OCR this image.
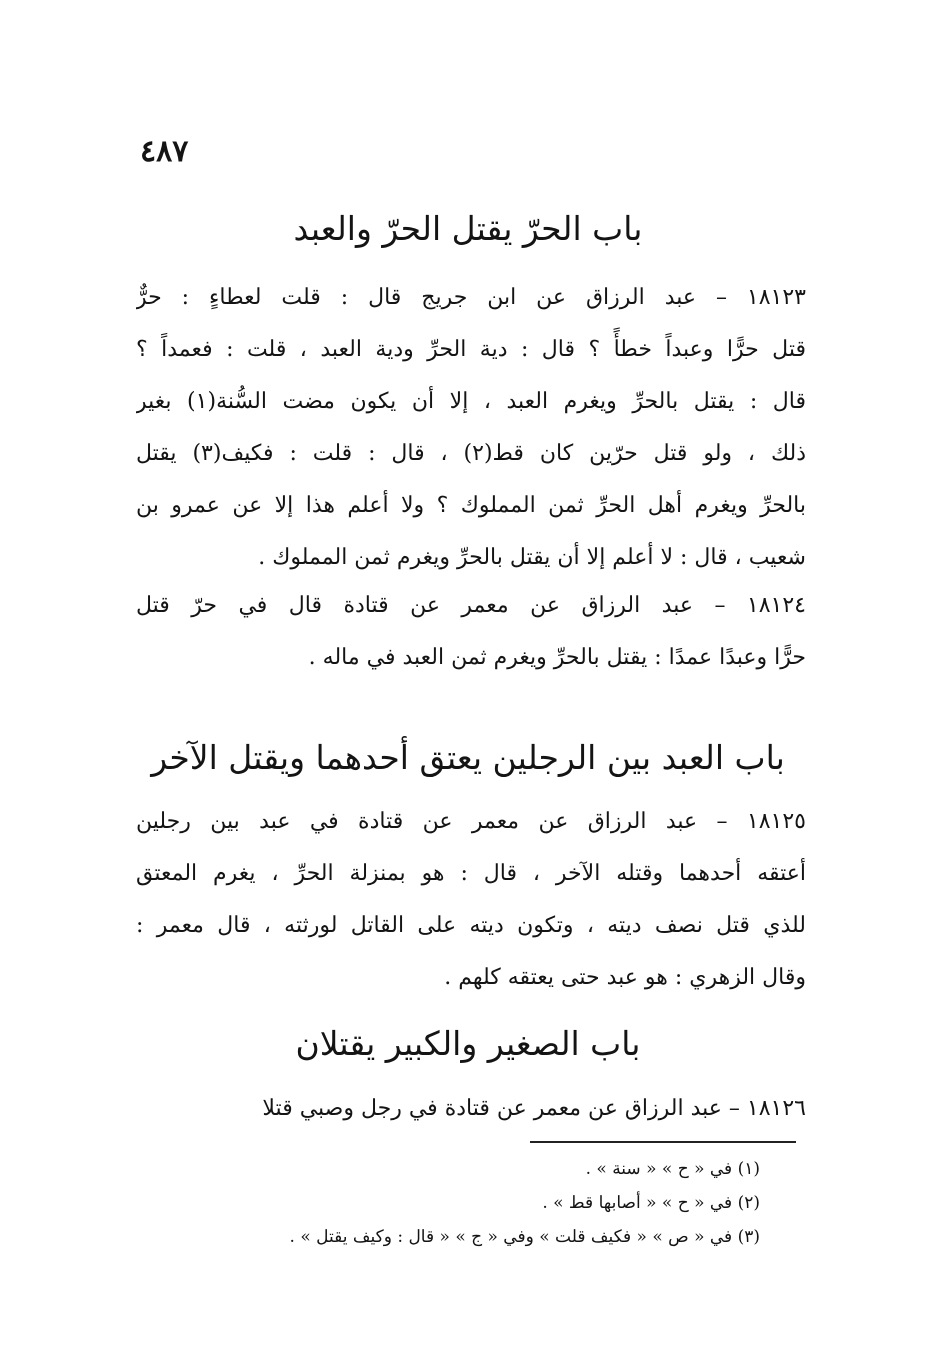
٤٨٧
باب الحرّ يقتل الحرّ والعبد
١٨١٢٣ – عبد الرزاق عن ابن جريج قال : قلت لعطاءٍ : حرٌّ
قتل حرًّا وعبداً خطأً ؟ قال : دية الحرِّ ودية العبد ، قلت : فعمداً ؟
قال : يقتل بالحرِّ ويغرم العبد ، إلا أن يكون مضت السُّنة(١) بغير
ذلك ، ولو قتل حرّين كان قط(٢) ، قال : قلت : فكيف(٣) يقتل
بالحرِّ ويغرم أهل الحرِّ ثمن المملوك ؟ ولا أعلم هذا إلا عن عمرو بن
شعيب ، قال : لا أعلم إلا أن يقتل بالحرِّ ويغرم ثمن المملوك .
١٨١٢٤ – عبد الرزاق عن معمر عن قتادة قال في حرّ قتل
حرًّا وعبدًا عمدًا : يقتل بالحرِّ ويغرم ثمن العبد في ماله .
باب العبد بين الرجلين يعتق أحدهما ويقتل الآخر
١٨١٢٥ – عبد الرزاق عن معمر عن قتادة في عبد بين رجلين
أعتقه أحدهما وقتله الآخر ، قال : هو بمنزلة الحرِّ ، يغرم المعتق
للذي قتل نصف ديته ، وتكون ديته على القاتل لورثته ، قال معمر :
وقال الزهري : هو عبد حتى يعتقه كلهم .
باب الصغير والكبير يقتلان
١٨١٢٦ – عبد الرزاق عن معمر عن قتادة في رجل وصبي قتلا
(١) في « ح » « سنة » .
(٢) في « ح » « أصابها قط » .
(٣) في « ص » « فكيف قلت » وفي « ج » « قال : وكيف يقتل » .
